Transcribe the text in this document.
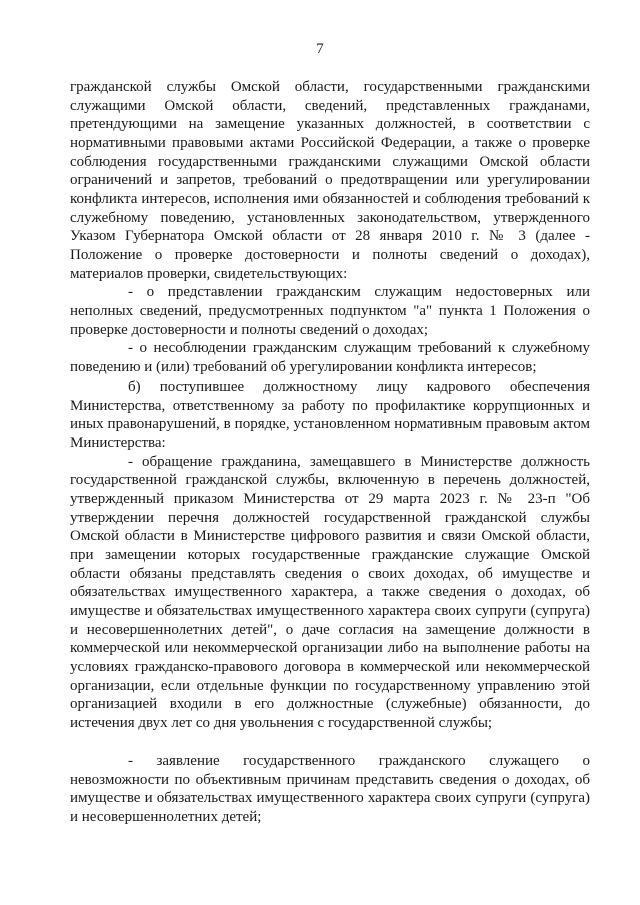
7

гражданской службы Омской области, государственными гражданскими служащими Омской области, сведений, представленных гражданами, претендующими на замещение указанных должностей, в соответствии с нормативными правовыми актами Российской Федерации, а также о проверке соблюдения государственными гражданскими служащими Омской области ограничений и запретов, требований о предотвращении или урегулировании конфликта интересов, исполнения ими обязанностей и соблюдения требований к служебному поведению, установленных законодательством, утвержденного Указом Губернатора Омской области от 28 января 2010 г. № 3 (далее - Положение о проверке достоверности и полноты сведений о доходах), материалов проверки, свидетельствующих:

- о представлении гражданским служащим недостоверных или неполных сведений, предусмотренных подпунктом "а" пункта 1 Положения о проверке достоверности и полноты сведений о доходах;

- о несоблюдении гражданским служащим требований к служебному поведению и (или) требований об урегулировании конфликта интересов;

б) поступившее должностному лицу кадрового обеспечения Министерства, ответственному за работу по профилактике коррупционных и иных правонарушений, в порядке, установленном нормативным правовым актом Министерства:

- обращение гражданина, замещавшего в Министерстве должность государственной гражданской службы, включенную в перечень должностей, утвержденный приказом Министерства от 29 марта 2023 г. № 23-п "Об утверждении перечня должностей государственной гражданской службы Омской области в Министерстве цифрового развития и связи Омской области, при замещении которых государственные гражданские служащие Омской области обязаны представлять сведения о своих доходах, об имуществе и обязательствах имущественного характера, а также сведения о доходах, об имуществе и обязательствах имущественного характера своих супруги (супруга) и несовершеннолетних детей", о даче согласия на замещение должности в коммерческой или некоммерческой организации либо на выполнение работы на условиях гражданско-правового договора в коммерческой или некоммерческой организации, если отдельные функции по государственному управлению этой организацией входили в его должностные (служебные) обязанности, до истечения двух лет со дня увольнения с государственной службы;

- заявление государственного гражданского служащего о невозможности по объективным причинам представить сведения о доходах, об имуществе и обязательствах имущественного характера своих супруги (супруга) и несовершеннолетних детей;
